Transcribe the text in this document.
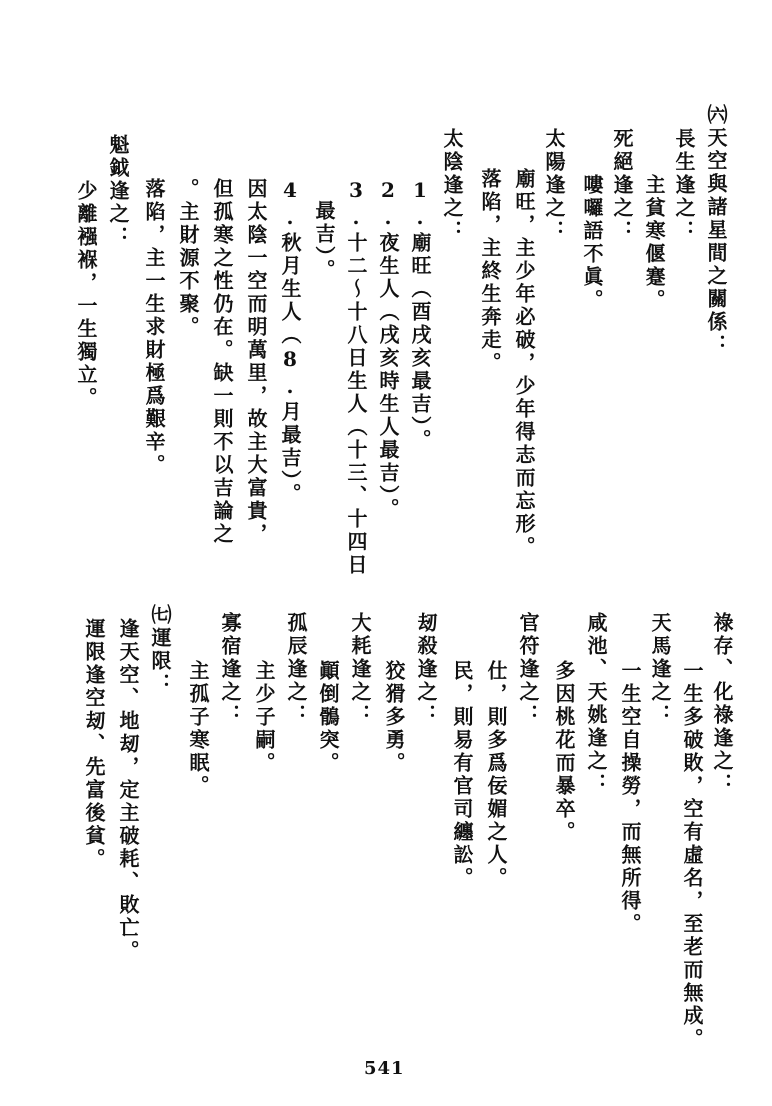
㈥天空與諸星間之關係：
長生逢之：
主貧寒偃蹇。
死絕逢之：
嘍囉語不眞。
太陽逢之：
廟旺，主少年必破，少年得志而忘形。
落陷，主終生奔走。
太陰逢之：
1.廟旺（酉戌亥最吉）。
2.夜生人（戌亥時生人最吉）。
3.十二～十八日生人（十三、十四日
最吉）。
4.秋月生人（8.月最吉）。
因太陰一空而明萬里，故主大富貴，
但孤寒之性仍在。缺一則不以吉論之
。主財源不聚。
落陷，主一生求財極爲艱辛。
魁鉞逢之：
少離襁褓，一生獨立。
祿存、化祿逢之：
一生多破敗，空有虛名，至老而無成。
天馬逢之：
一生空自操勞，而無所得。
咸池、天姚逢之：
多因桃花而暴卒。
官符逢之：
仕，則多爲佞媚之人。
民，則易有官司纏訟。
刼殺逢之：
狡猾多勇。
大耗逢之：
顚倒鶻突。
孤辰逢之：
主少子嗣。
寡宿逢之：
主孤子寒眠。
㈦運限：
逢天空、地刼，定主破耗、敗亡。
運限逢空刼、先富後貧。
541
